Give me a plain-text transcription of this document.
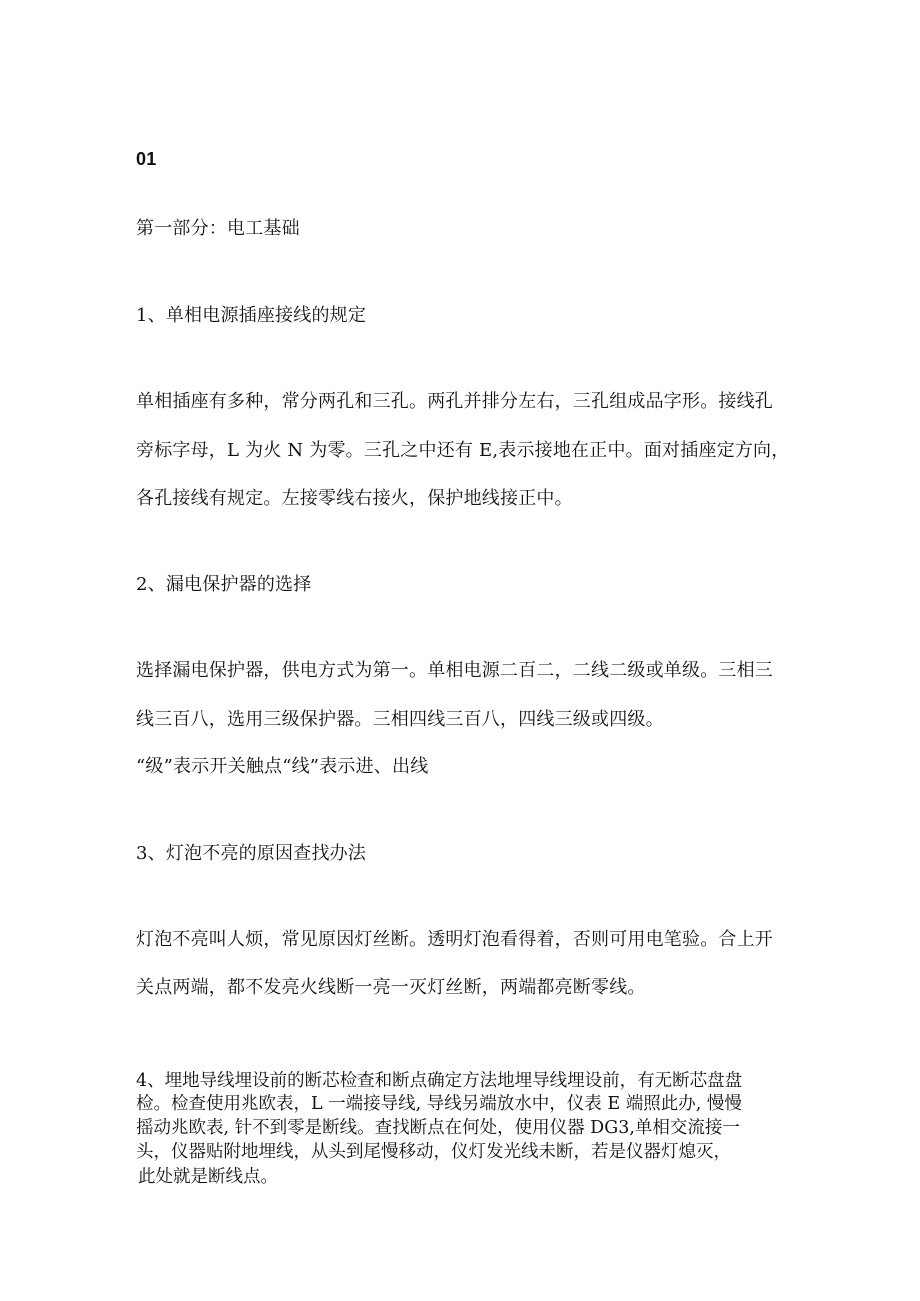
01
第一部分：电工基础
1、单相电源插座接线的规定
单相插座有多种，常分两孔和三孔。两孔并排分左右，三孔组成品字形。接线孔
旁标字母，L 为火 N 为零。三孔之中还有 E,表示接地在正中。面对插座定方向，
各孔接线有规定。左接零线右接火，保护地线接正中。
2、漏电保护器的选择
选择漏电保护器，供电方式为第一。单相电源二百二，二线二级或单级。三相三
线三百八，选用三级保护器。三相四线三百八，四线三级或四级。
“级”表示开关触点“线”表示进、出线
3、灯泡不亮的原因查找办法
灯泡不亮叫人烦，常见原因灯丝断。透明灯泡看得着，否则可用电笔验。合上开
关点两端，都不发亮火线断一亮一灭灯丝断，两端都亮断零线。
4、埋地导线埋设前的断芯检查和断点确定方法地埋导线埋设前，有无断芯盘盘
检。检查使用兆欧表，L 一端接导线, 导线另端放水中，仪表 E 端照此办, 慢慢
摇动兆欧表, 针不到零是断线。查找断点在何处，使用仪器 DG3,单相交流接一
头，仪器贴附地埋线，从头到尾慢移动，仪灯发光线未断，若是仪器灯熄灭，
此处就是断线点。
